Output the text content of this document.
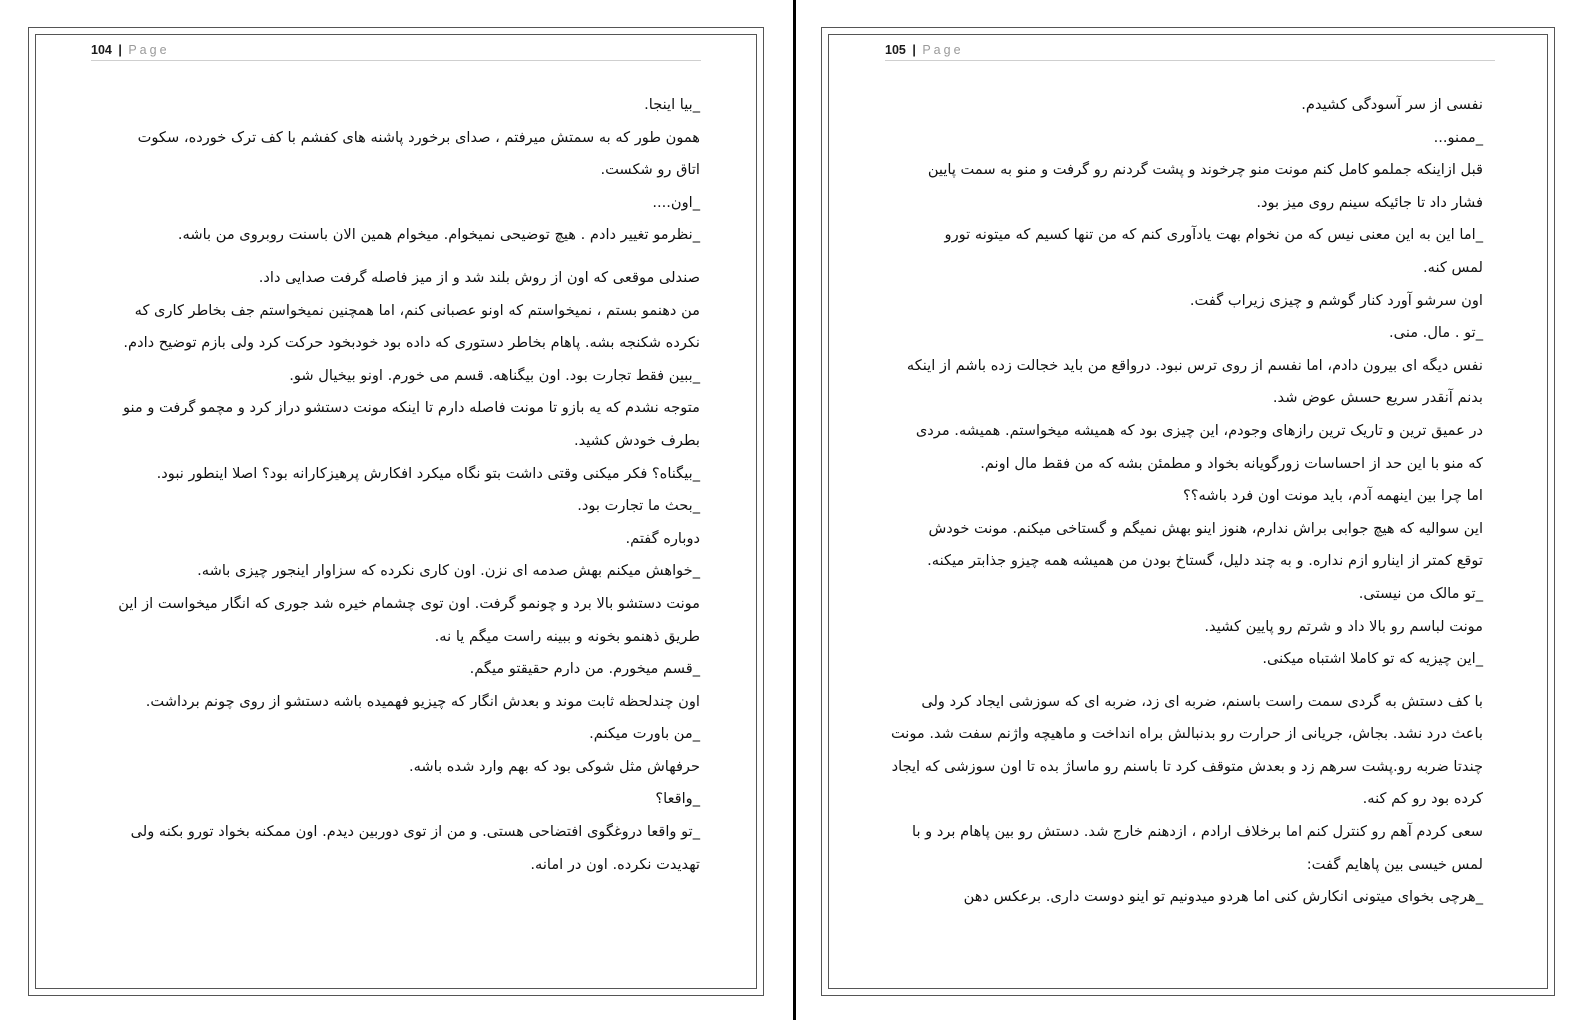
104 | Page

_بیا اینجا.

همون طور که به سمتش میرفتم ، صدای برخورد پاشنه های کفشم با کف ترک خورده، سکوت
اتاق رو شکست.

_اون....

_نظرمو تغییر دادم . هیچ توضیحی نمیخوام. میخوام همین الان باسنت روبروی من باشه.

صندلی موقعی که اون از روش بلند شد و از میز فاصله گرفت صدایی داد.

من دهنمو بستم ، نمیخواستم که اونو عصبانی کنم، اما همچنین نمیخواستم جف بخاطر کاری که
نکرده شکنجه بشه. پاهام بخاطر دستوری که داده بود خودبخود حرکت کرد ولی بازم توضیح دادم.

_ببین فقط تجارت بود. اون بیگناهه. قسم می خورم. اونو بیخیال شو.

متوجه نشدم که یه بازو تا مونت فاصله دارم تا اینکه مونت دستشو دراز کرد و مچمو گرفت و منو
بطرف خودش کشید.

_بیگناه؟ فکر میکنی وقتی داشت بتو نگاه میکرد افکارش پرهیزکارانه بود؟ اصلا اینطور نبود.

_بحث ما تجارت بود.

دوباره گفتم.

_خواهش میکنم بهش صدمه ای نزن. اون کاری نکرده که سزاوار اینجور چیزی باشه.

مونت دستشو بالا برد و چونمو گرفت. اون توی چشمام خیره شد جوری که انگار میخواست از این
طریق ذهنمو بخونه و ببینه راست میگم یا نه.

_قسم میخورم. من دارم حقیقتو میگم.

اون چندلحظه ثابت موند و بعدش انگار که چیزیو فهمیده باشه دستشو از روی چونم برداشت.

_من باورت میکنم.

حرفهاش مثل شوکی بود که بهم وارد شده باشه.

_واقعا؟

_تو واقعا دروغگوی افتضاحی هستی. و من از توی دوربین دیدم. اون ممکنه بخواد تورو بکنه ولی
تهدیدت نکرده. اون در امانه.

105 | Page

نفسی از سر آسودگی کشیدم.

_ممنو...

قبل ازاینکه جملمو کامل کنم مونت منو چرخوند و پشت گردنم رو گرفت و منو به سمت پایین
فشار داد تا جائیکه سینم روی میز بود.

_اما این به این معنی نیس که من نخوام بهت یادآوری کنم که من تنها کسیم که میتونه تورو
لمس کنه.

اون سرشو آورد کنار گوشم و چیزی زیراب گفت.

_تو . مال. منی.

نفس دیگه ای بیرون دادم، اما نفسم از روی ترس نبود. درواقع من باید خجالت زده باشم از اینکه
بدنم آنقدر سریع حسش عوض شد.

در عمیق ترین و تاریک ترین رازهای وجودم، این چیزی بود که همیشه میخواستم. همیشه. مردی
که منو با این حد از احساسات زورگویانه بخواد و مطمئن بشه که من فقط مال اونم.

اما چرا بین اینهمه آدم، باید مونت اون فرد باشه؟؟

این سوالیه که هیچ جوابی براش ندارم، هنوز اینو بهش نمیگم و گستاخی میکنم. مونت خودش
توقع کمتر از اینارو ازم نداره. و به چند دلیل، گستاخ بودن من همیشه همه چیزو جذابتر میکنه.

_تو مالک من نیستی.

مونت لباسم رو بالا داد و شرتم رو پایین کشید.

_این چیزیه که تو کاملا اشتباه میکنی.

با کف دستش به گردی سمت راست باسنم، ضربه ای زد، ضربه ای که سوزشی ایجاد کرد ولی
باعث درد نشد. بجاش، جریانی از حرارت رو بدنبالش براه انداخت و ماهیچه واژنم سفت شد. مونت
چندتا ضربه رو.پشت سرهم زد و بعدش متوقف کرد تا باسنم رو ماساژ بده تا اون سوزشی که ایجاد
کرده بود رو کم کنه.

سعی کردم آهم رو کنترل کنم اما برخلاف ارادم ، ازدهنم خارج شد. دستش رو بین پاهام برد و با
لمس خیسی بین پاهایم گفت:

_هرچی بخوای میتونی انکارش کنی اما هردو میدونیم تو اینو دوست داری. برعکس دهن
